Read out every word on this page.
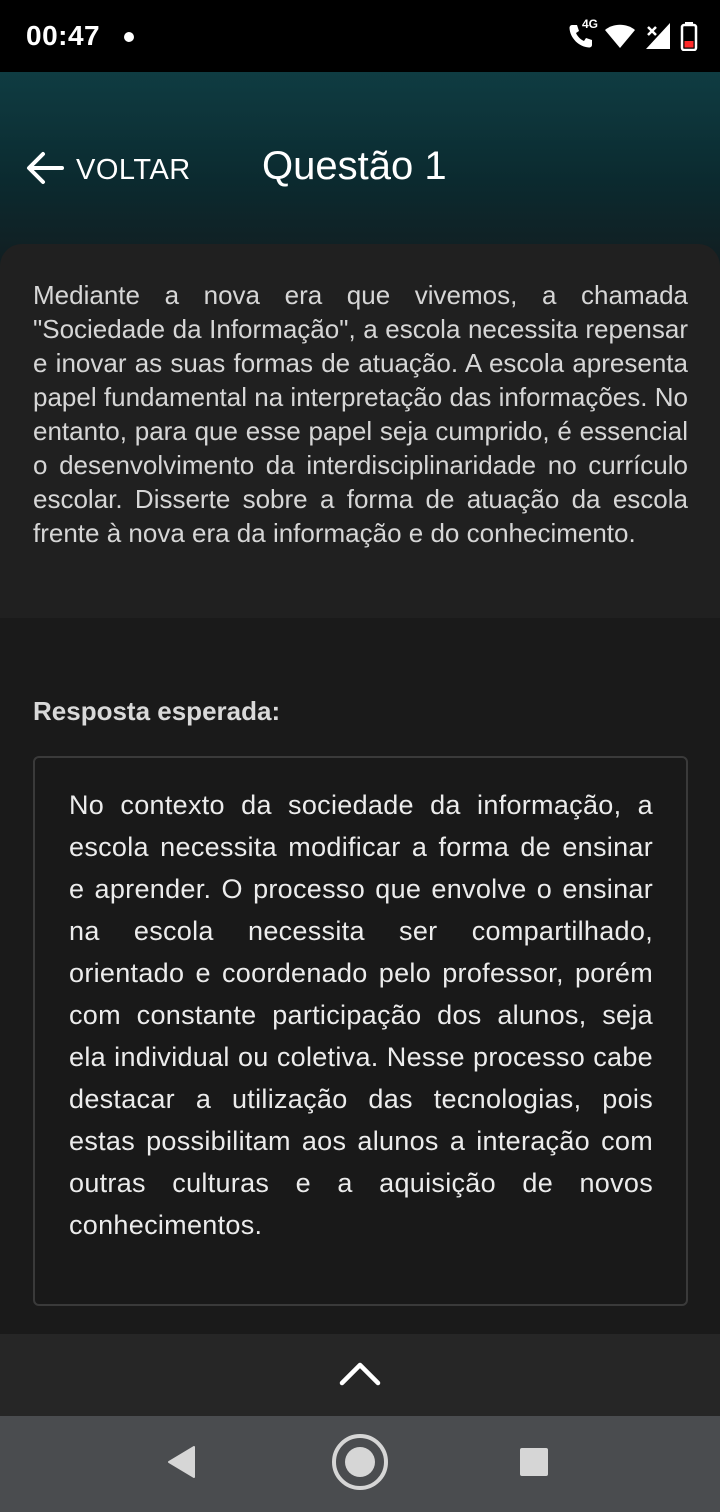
00:47	4G
VOLTAR Questão 1

Mediante a nova era que vivemos, a chamada "Sociedade da Informação", a escola necessita repensar e inovar as suas formas de atuação. A escola apresenta papel fundamental na interpretação das informações. No entanto, para que esse papel seja cumprido, é essencial o desenvolvimento da interdisciplinaridade no currículo escolar. Disserte sobre a forma de atuação da escola frente à nova era da informação e do conhecimento.

Resposta esperada:

No contexto da sociedade da informação, a escola necessita modificar a forma de ensinar e aprender. O processo que envolve o ensinar na escola necessita ser compartilhado, orientado e coordenado pelo professor, porém com constante participação dos alunos, seja ela individual ou coletiva. Nesse processo cabe destacar a utilização das tecnologias, pois estas possibilitam aos alunos a interação com outras culturas e a aquisição de novos conhecimentos.
